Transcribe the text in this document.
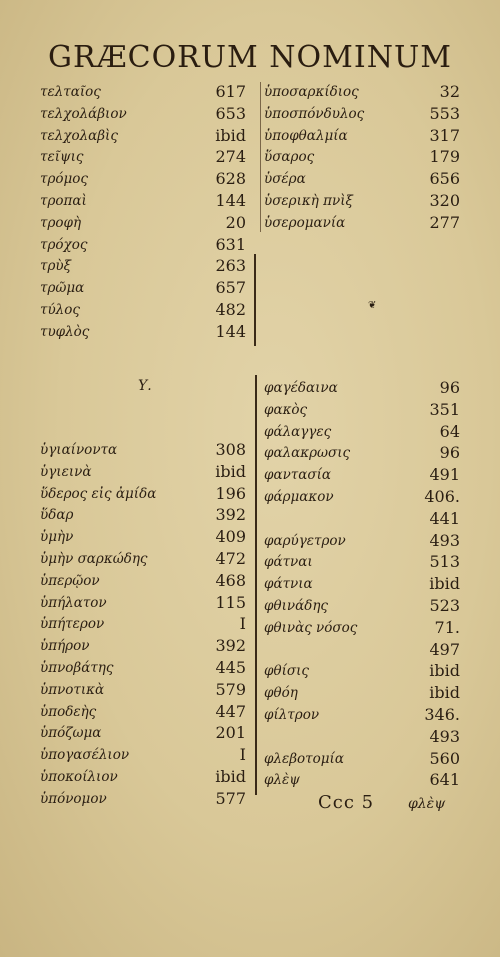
GRÆCORUM NOMINUM
τελταῖος	617
τελχολάβιον	653
τελχολαβὶς	ibid
τεῖψις	274
τρόμος	628
τροπαὶ	144
τροφὴ	20
τρόχος	631
τρὺξ	263
τρῶμα	657
τύλος	482
τυφλὸς	144
ὑποσαρκίδιος	32
ὑποσπόνδυλος	553
ὑποφθαλμία	317
ὕσαρος	179
ὑσέρα	656
ὑσερικὴ πνὶξ	320
ὑσερομανία	277
❦
Υ.
ὑγιαίνοντα	308
ὑγιεινὰ	ibid
ὕδερος εἰς ἀμίδα	196
ὕδαρ	392
ὑμὴν	409
ὑμὴν σαρκώδης	472
ὑπερῷον	468
ὑπήλατον	115
ὑπήτερον	I
ὑπήρον	392
ὑπνοβάτης	445
ὑπνοτικὰ	579
ὑποδεὴς	447
ὑπόζωμα	201
ὑπογασέλιον	I
ὑποκοίλιον	ibid
ὑπόνομον	577
φαγέδαινα	96
φακὸς	351
φάλαγγες	64
φαλακρωσις	96
φαντασία	491
φάρμακον	406.
441
φαρύγετρον	493
φάτναι	513
φάτνια	ibid
φθινάδης	523
φθινὰς νόσος	71.
497
φθίσις	ibid
φθόη	ibid
φίλτρον	346.
493
φλεβοτομία	560
φλὲψ	641
Ccc 5 φλὲψ
